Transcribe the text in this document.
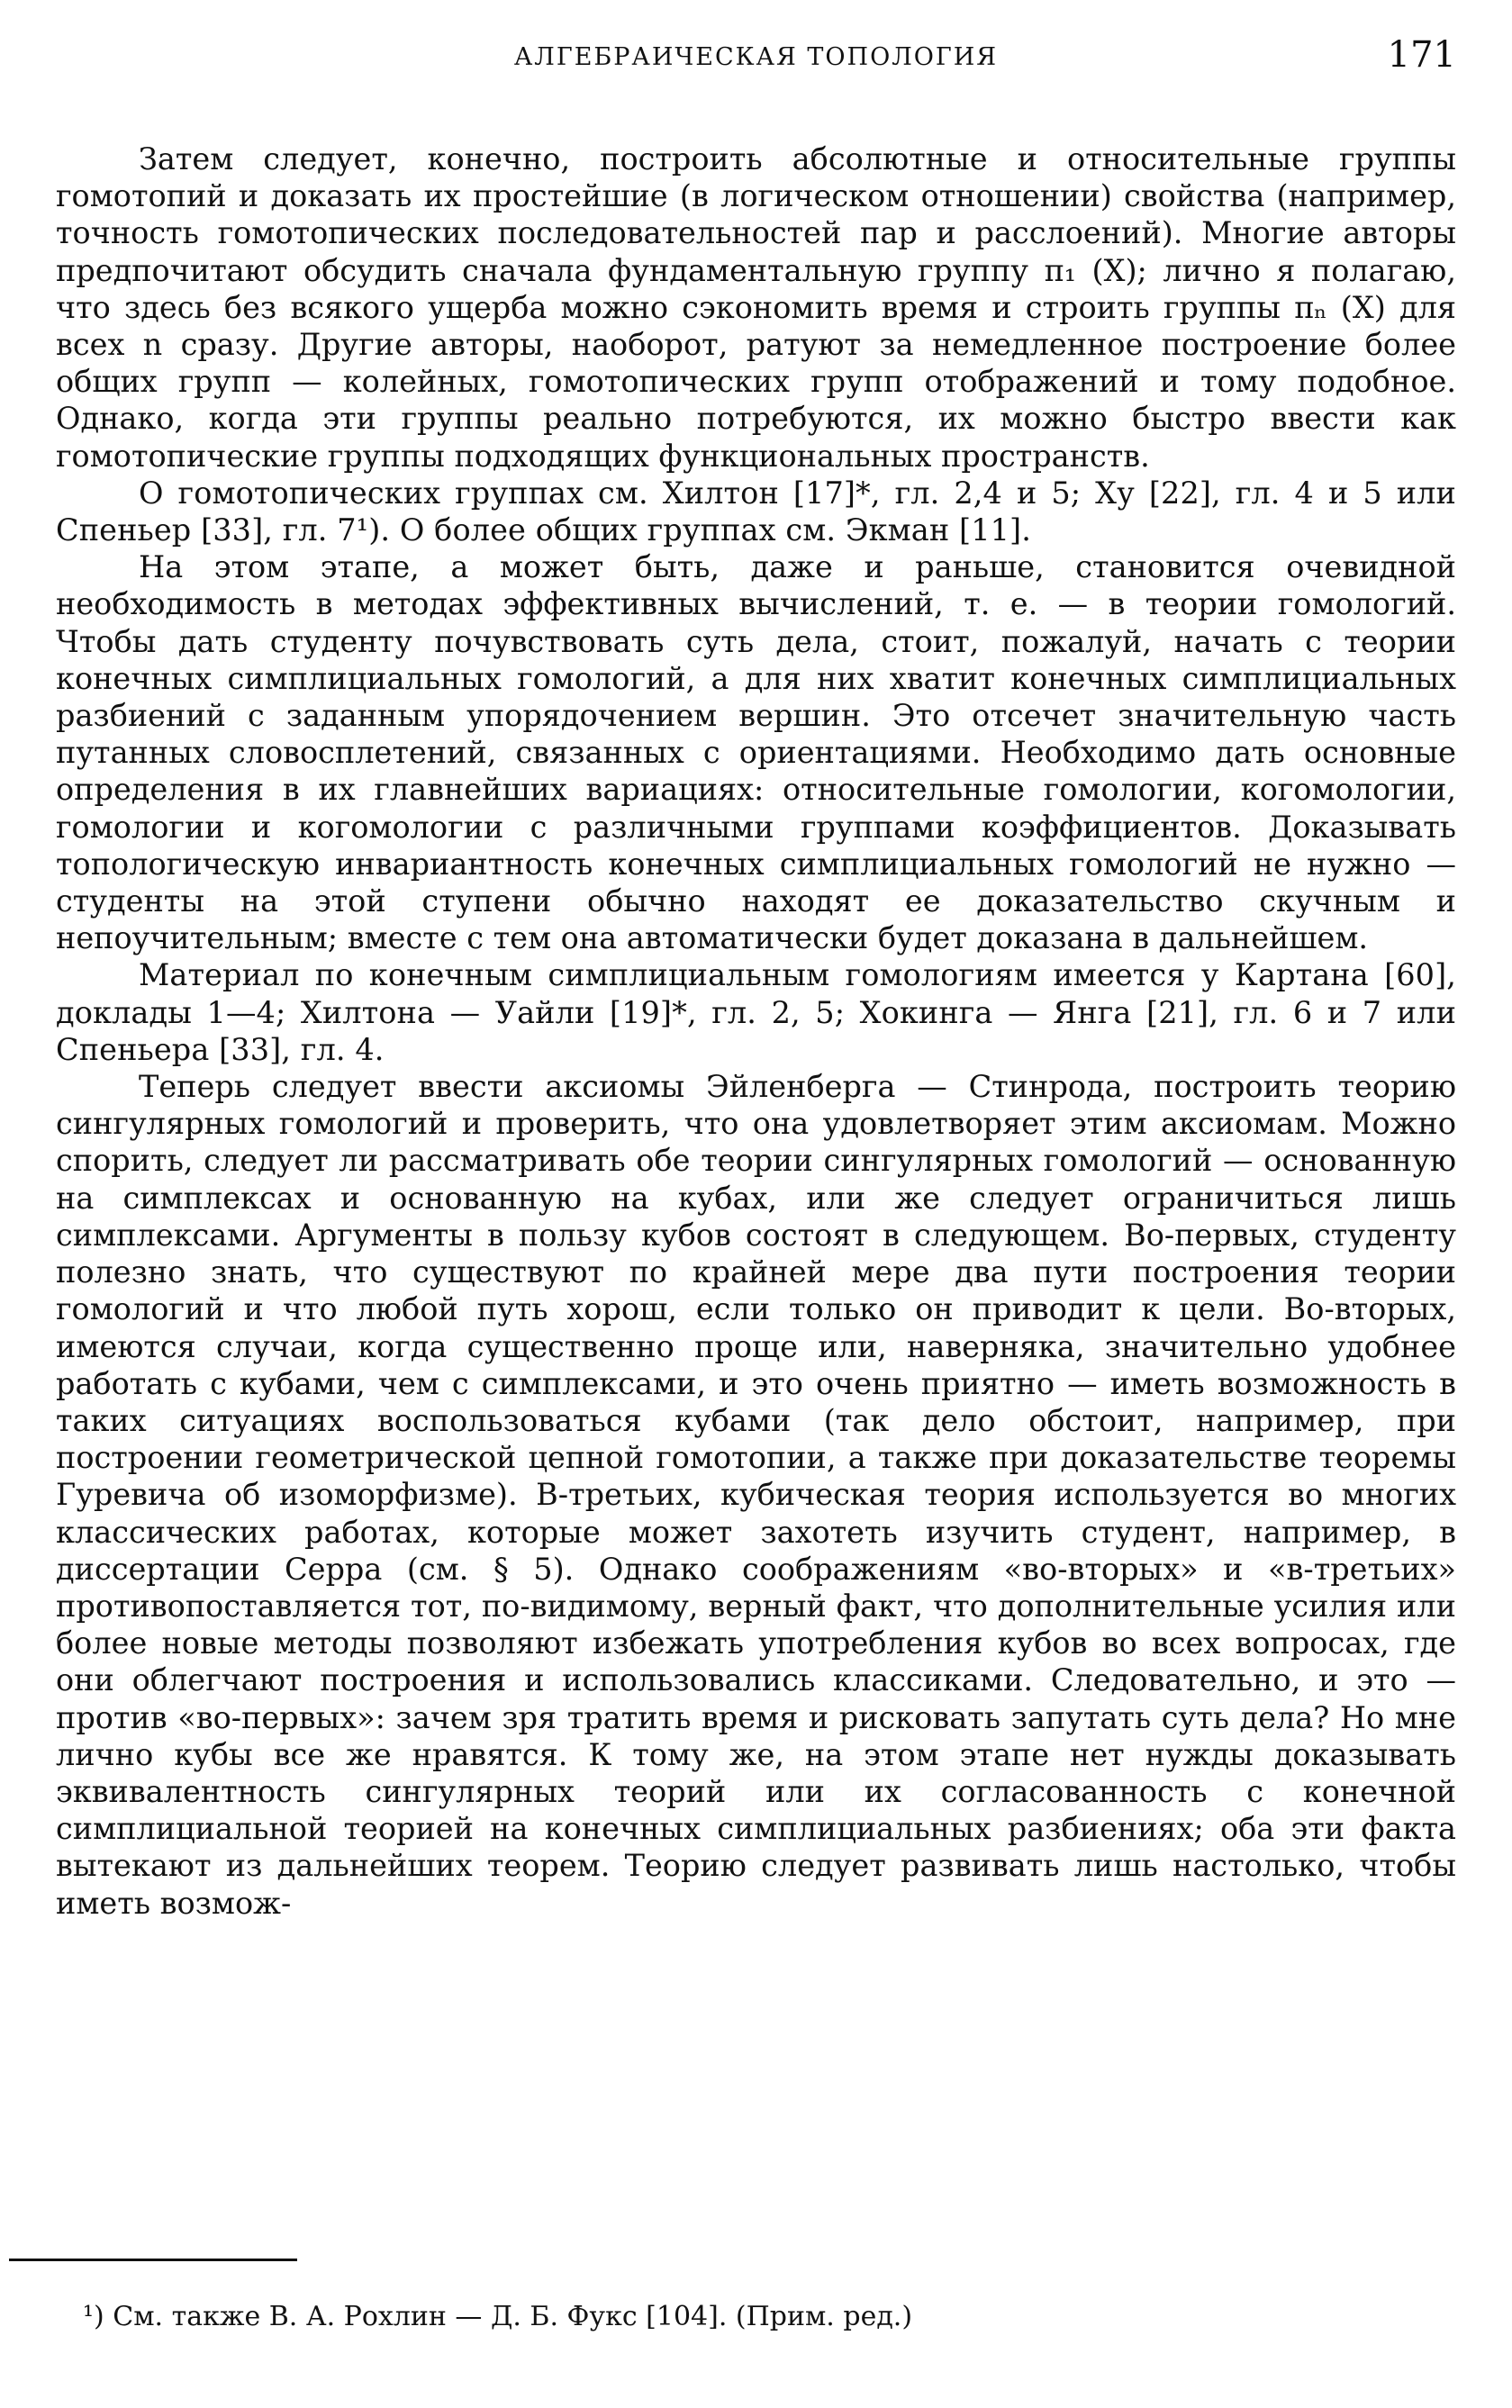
АЛГЕБРАИЧЕСКАЯ ТОПОЛОГИЯ	171

Затем следует, конечно, построить абсолютные и относительные группы гомотопий и доказать их простейшие (в логическом отношении) свойства (например, точность гомотопических последовательностей пар и расслоений). Многие авторы предпочитают обсудить сначала фундаментальную группу π₁ (X); лично я полагаю, что здесь без всякого ущерба можно сэкономить время и строить группы πₙ (X) для всех n сразу. Другие авторы, наоборот, ратуют за немедленное построение более общих групп — колейных, гомотопических групп отображений и тому подобное. Однако, когда эти группы реально потребуются, их можно быстро ввести как гомотопические группы подходящих функциональных пространств.

О гомотопических группах см. Хилтон [17]*, гл. 2,4 и 5; Ху [22], гл. 4 и 5 или Спеньер [33], гл. 7¹). О более общих группах см. Экман [11].

На этом этапе, а может быть, даже и раньше, становится очевидной необходимость в методах эффективных вычислений, т. е. — в теории гомологий. Чтобы дать студенту почувствовать суть дела, стоит, пожалуй, начать с теории конечных симплициальных гомологий, а для них хватит конечных симплициальных разбиений с заданным упорядочением вершин. Это отсечет значительную часть путанных словосплетений, связанных с ориентациями. Необходимо дать основные определения в их главнейших вариациях: относительные гомологии, когомологии, гомологии и когомологии с различными группами коэффициентов. Доказывать топологическую инвариантность конечных симплициальных гомологий не нужно — студенты на этой ступени обычно находят ее доказательство скучным и непоучительным; вместе с тем она автоматически будет доказана в дальнейшем.

Материал по конечным симплициальным гомологиям имеется у Картана [60], доклады 1—4; Хилтона — Уайли [19]*, гл. 2, 5; Хокинга — Янга [21], гл. 6 и 7 или Спеньера [33], гл. 4.

Теперь следует ввести аксиомы Эйленберга — Стинрода, построить теорию сингулярных гомологий и проверить, что она удовлетворяет этим аксиомам. Можно спорить, следует ли рассматривать обе теории сингулярных гомологий — основанную на симплексах и основанную на кубах, или же следует ограничиться лишь симплексами. Аргументы в пользу кубов состоят в следующем. Во-первых, студенту полезно знать, что существуют по крайней мере два пути построения теории гомологий и что любой путь хорош, если только он приводит к цели. Во-вторых, имеются случаи, когда существенно проще или, наверняка, значительно удобнее работать с кубами, чем с симплексами, и это очень приятно — иметь возможность в таких ситуациях воспользоваться кубами (так дело обстоит, например, при построении геометрической цепной гомотопии, а также при доказательстве теоремы Гуревича об изоморфизме). В-третьих, кубическая теория используется во многих классических работах, которые может захотеть изучить студент, например, в диссертации Серра (см. § 5). Однако соображениям «во-вторых» и «в-третьих» противопоставляется тот, по-видимому, верный факт, что дополнительные усилия или более новые методы позволяют избежать употребления кубов во всех вопросах, где они облегчают построения и использовались классиками. Следовательно, и это — против «во-первых»: зачем зря тратить время и рисковать запутать суть дела? Но мне лично кубы все же нравятся. К тому же, на этом этапе нет нужды доказывать эквивалентность сингулярных теорий или их согласованность с конечной симплициальной теорией на конечных симплициальных разбиениях; оба эти факта вытекают из дальнейших теорем. Теорию следует развивать лишь настолько, чтобы иметь возмож-

¹) См. также В. А. Рохлин — Д. Б. Фукс [104]. (Прим. ред.)
